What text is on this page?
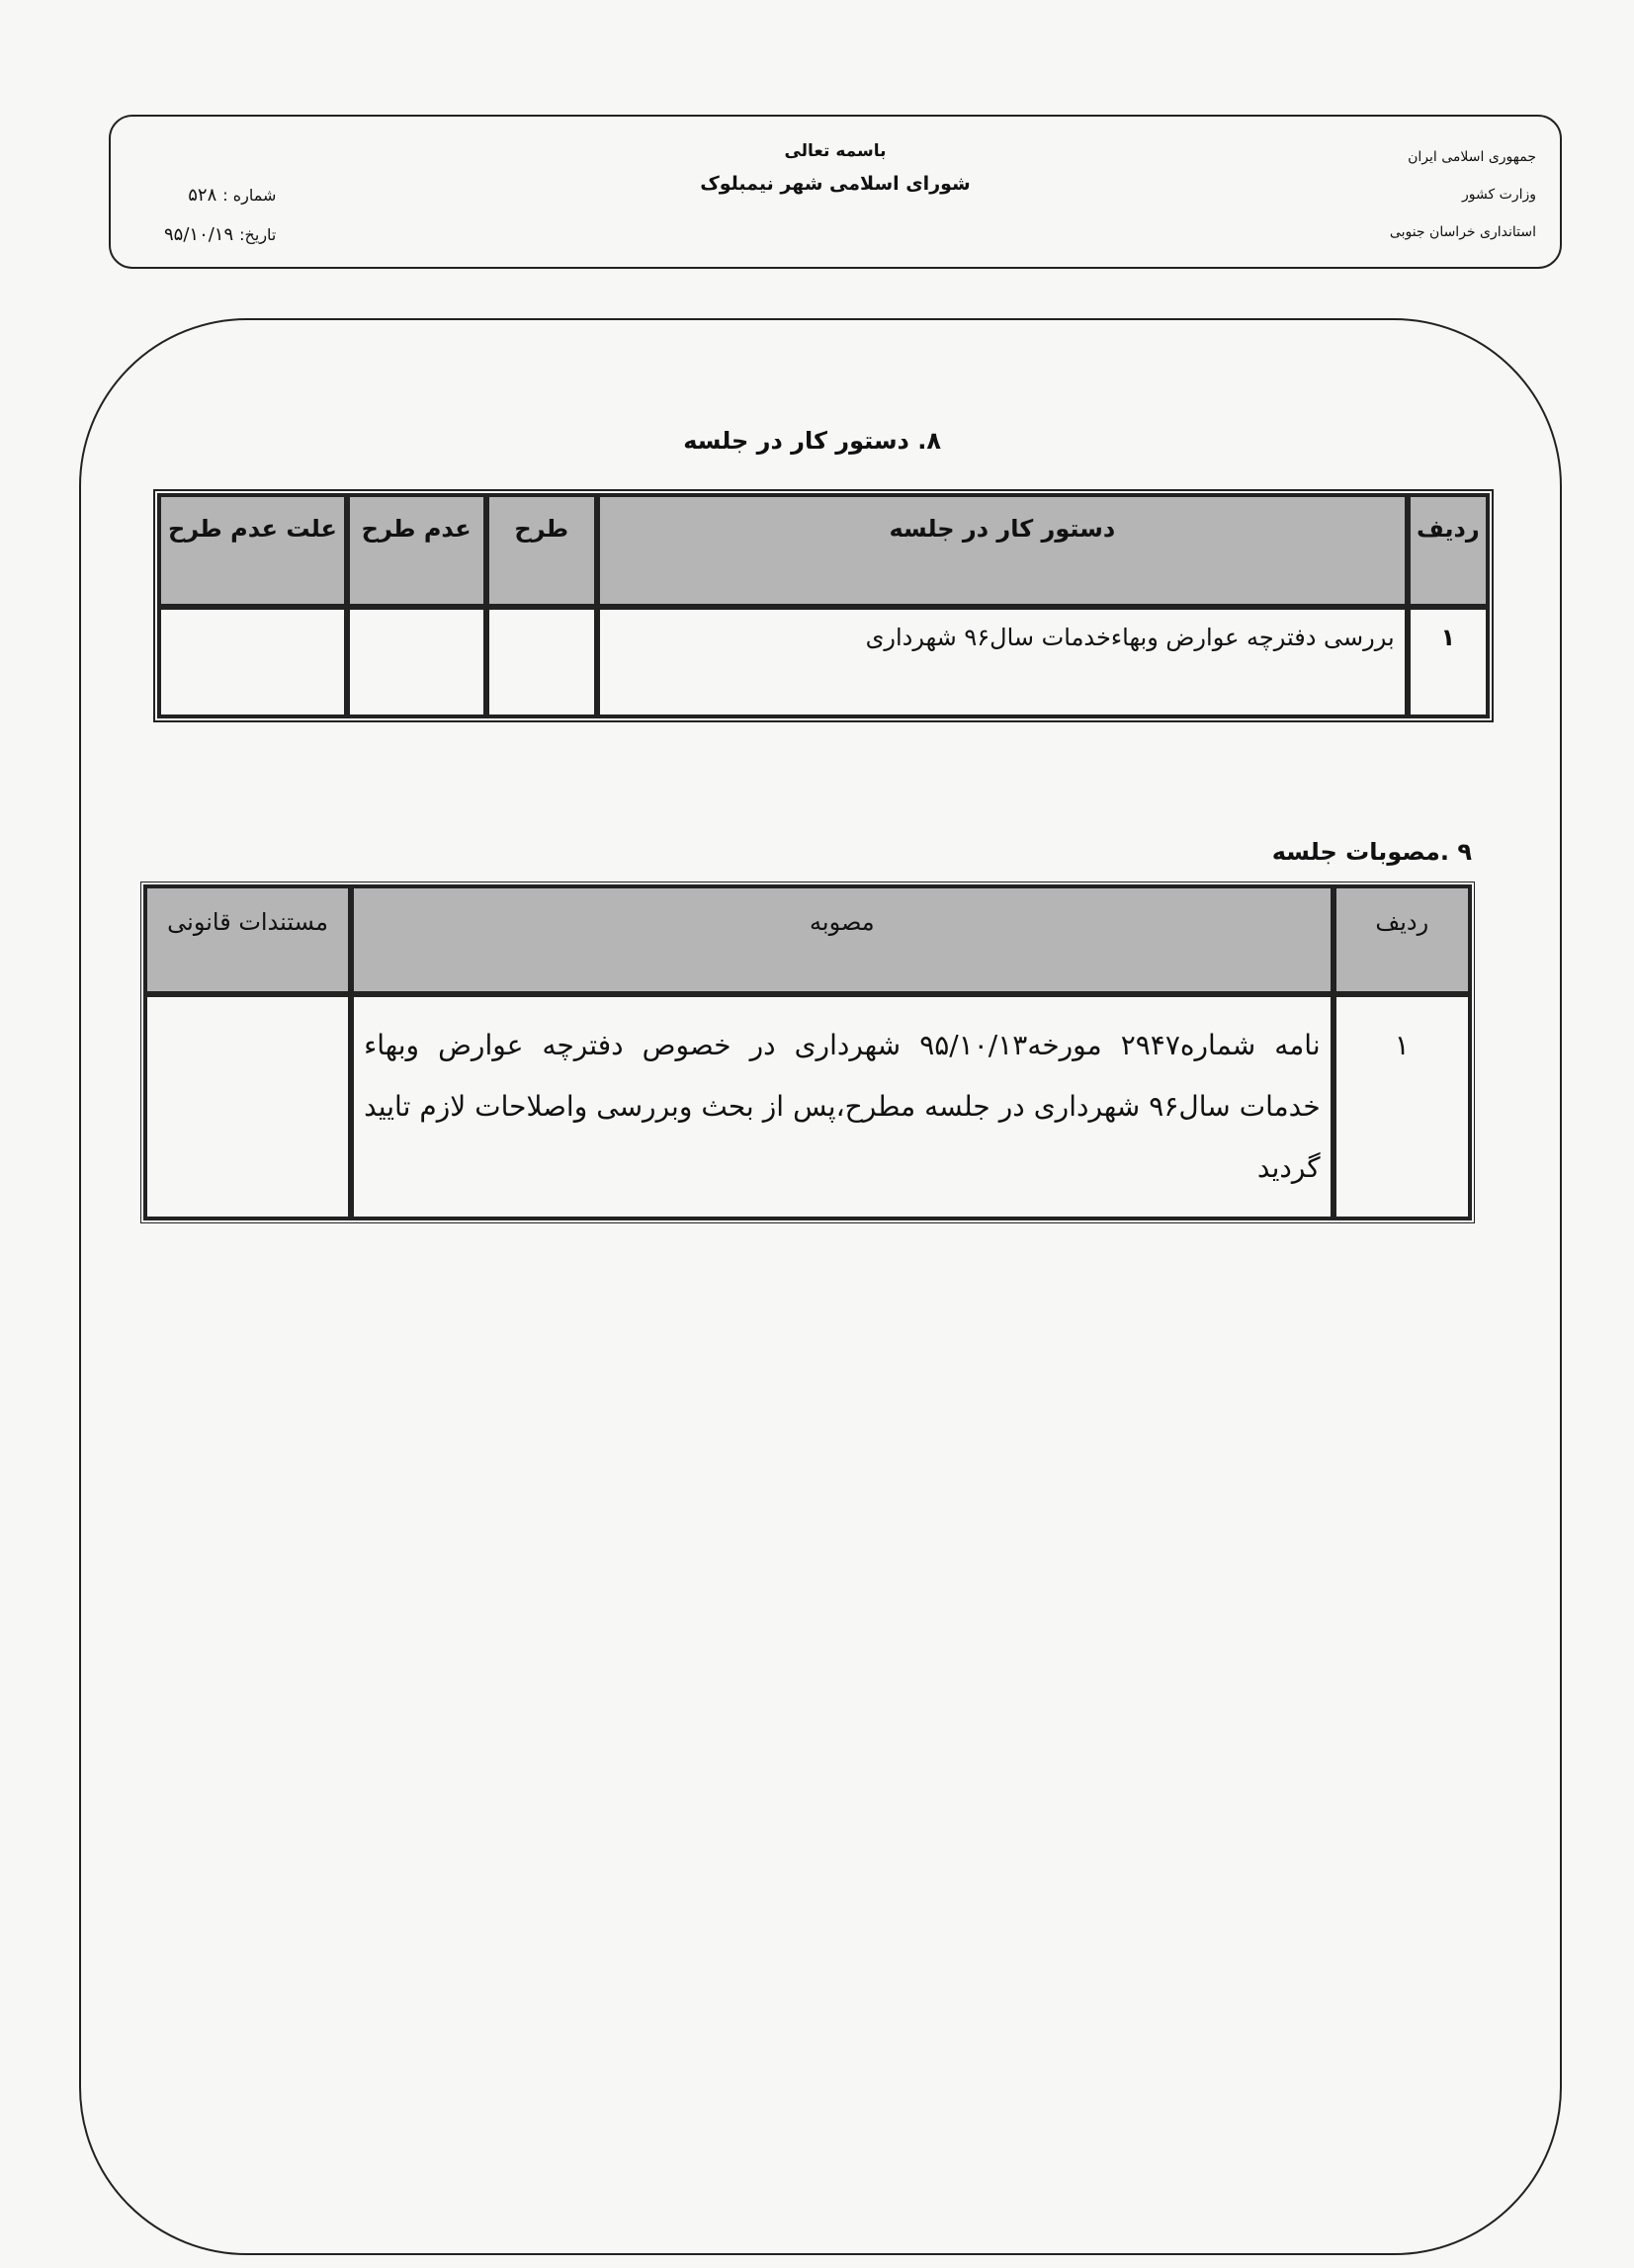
جمهوری اسلامی ایران
وزارت کشور
استانداری خراسان جنوبی
باسمه تعالی
شورای اسلامی شهر نیمبلوک
شماره :۵۲۸
تاریخ:۹۵/۱۰/۱۹
۸. دستور کار در جلسه
ردیف	دستور کار در جلسه	طرح	عدم طرح	علت عدم طرح
۱	بررسی دفترچه عوارض وبهاءخدمات سال۹۶ شهرداری			
۹ .مصوبات جلسه
ردیف	مصوبه	مستندات قانونی
۱	نامه شماره۲۹۴۷ مورخه۹۵/۱۰/۱۳ شهرداری در خصوص دفترچه عوارض وبهاء خدمات سال۹۶ شهرداری در جلسه مطرح،پس از بحث وبررسی واصلاحات لازم تایید گردید	
